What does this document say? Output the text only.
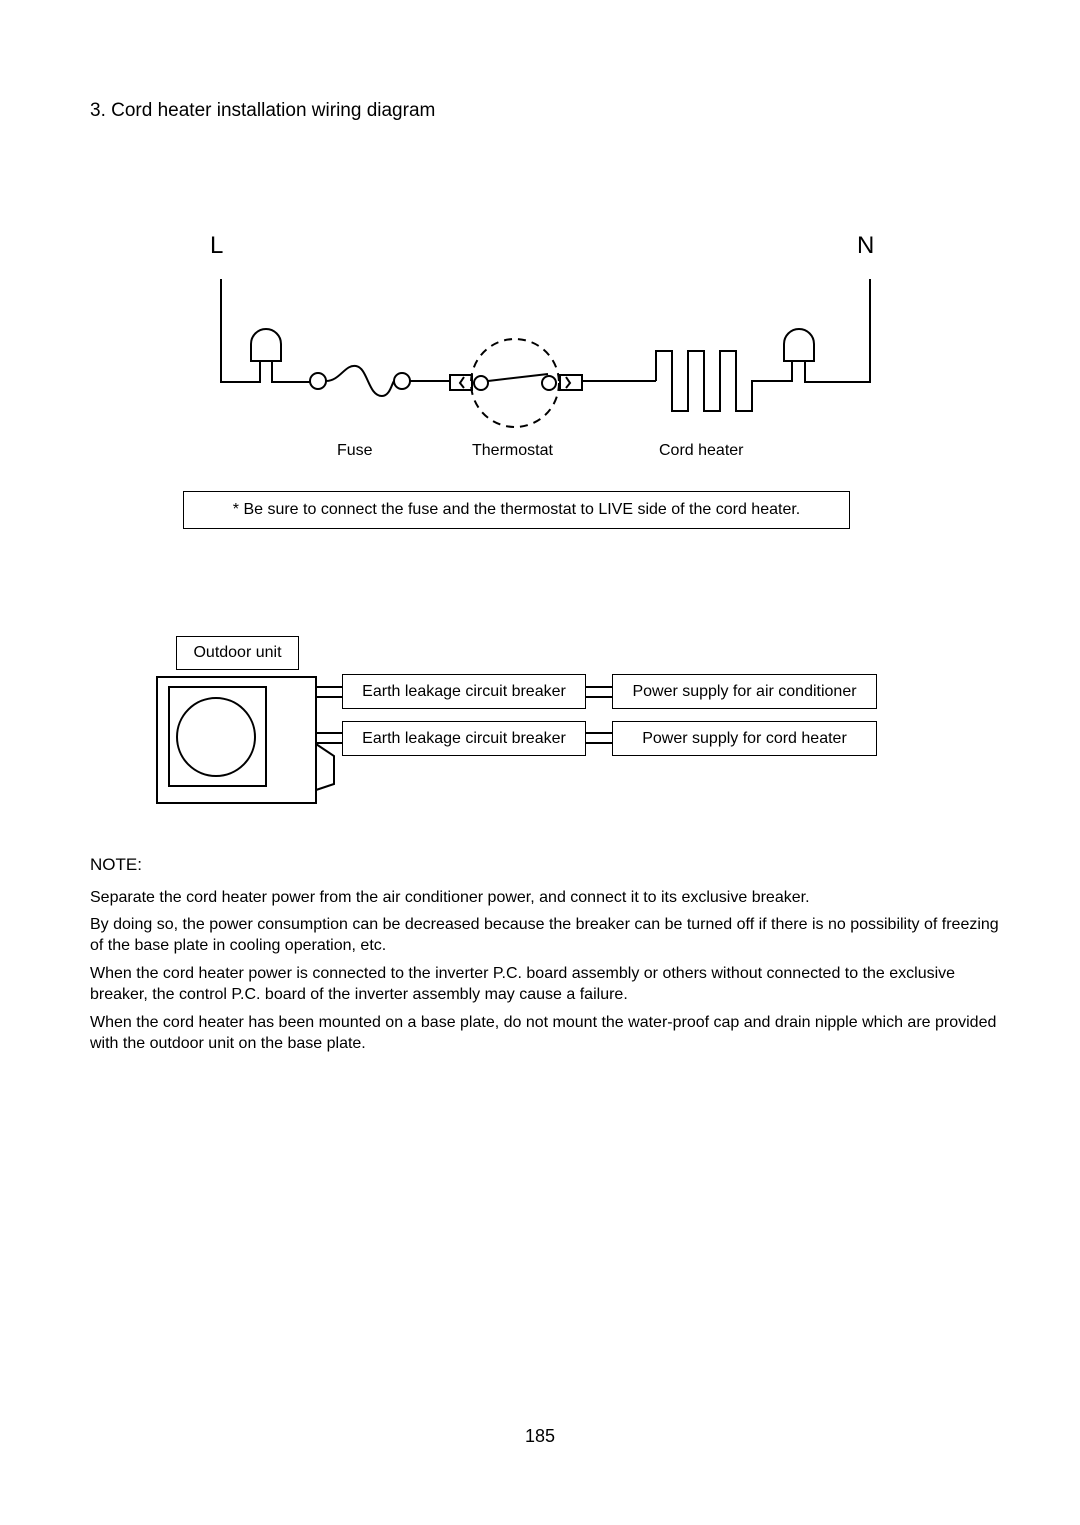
3. Cord heater installation wiring diagram
L	N
Fuse	Thermostat	Cord heater
* Be sure to connect the fuse and the thermostat to LIVE side of the cord heater.
Outdoor unit
Earth leakage circuit breaker
Earth leakage circuit breaker
Power supply for air conditioner
Power supply for cord heater
NOTE:

Separate the cord heater power from the air conditioner power, and connect it to its exclusive breaker.

By doing so, the power consumption can be decreased because the breaker can be turned off if there is no possibility of freezing of the base plate in cooling operation, etc.

When the cord heater power is connected to the inverter P.C. board assembly or others without connected to the exclusive breaker, the control P.C. board of the inverter assembly may cause a failure.

When the cord heater has been mounted on a base plate, do not mount the water-proof cap and drain nipple which are provided with the outdoor unit on the base plate.

185
